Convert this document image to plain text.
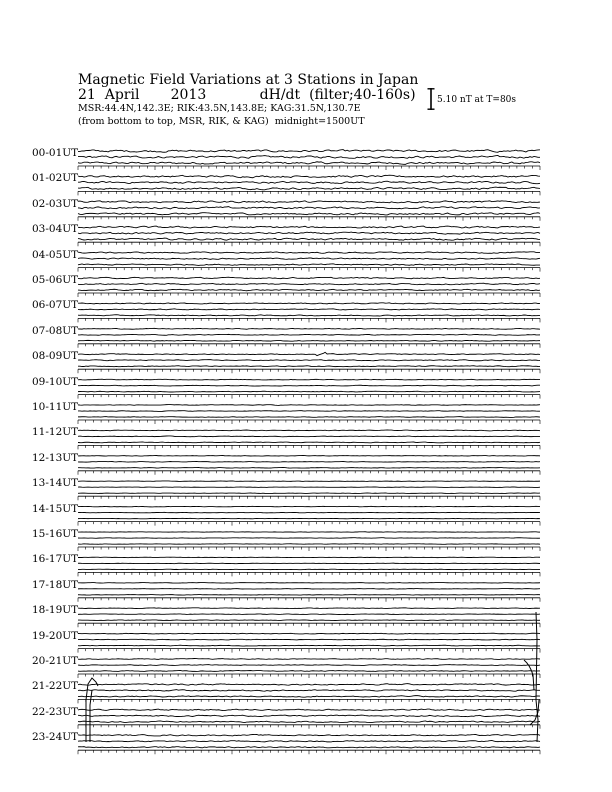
Magnetic Field Variations at 3 Stations in Japan
21 April 2013	dH/dt (filter;40-160s)
MSR:44.4N,142.3E; RIK:43.5N,143.8E; KAG:31.5N,130.7E
(from bottom to top, MSR, RIK, & KAG) midnight=1500UT
5.10 nT at T=80s
00-01UT
01-02UT
02-03UT
03-04UT
04-05UT
05-06UT
06-07UT
07-08UT
08-09UT
09-10UT
10-11UT
11-12UT
12-13UT
13-14UT
14-15UT
15-16UT
16-17UT
17-18UT
18-19UT
19-20UT
20-21UT
21-22UT
22-23UT
23-24UT
